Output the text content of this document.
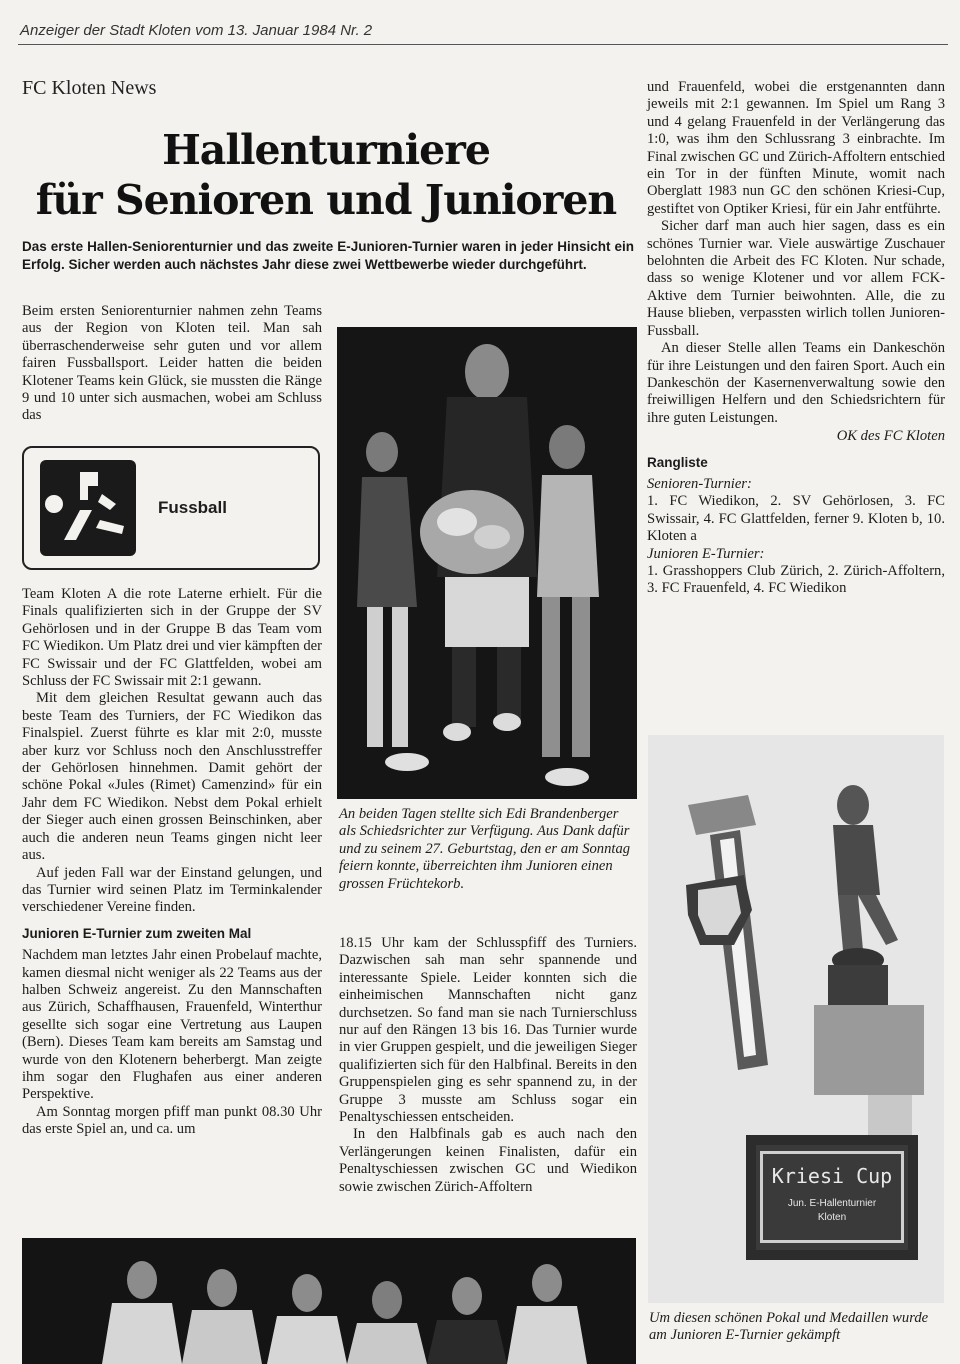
Anzeiger der Stadt Kloten vom 13. Januar 1984 Nr. 2
FC Kloten News
Hallenturniere
für Senioren und Junioren
Das erste Hallen-Seniorenturnier und das zweite E-Junioren-Turnier waren in jeder Hinsicht ein Erfolg. Sicher werden auch nächstes Jahr diese zwei Wettbewerbe wieder durchgeführt.

Beim ersten Seniorenturnier nahmen zehn Teams aus der Region von Kloten teil. Man sah überraschenderweise sehr guten und vor allem fairen Fussballsport. Leider hatten die beiden Klotener Teams kein Glück, sie mussten die Ränge 9 und 10 unter sich ausmachen, wobei am Schluss das

Fussball

Team Kloten A die rote Laterne erhielt. Für die Finals qualifizierten sich in der Gruppe der SV Gehörlosen und in der Gruppe B das Team vom FC Wiedikon. Um Platz drei und vier kämpften der FC Swissair und der FC Glattfelden, wobei am Schluss der FC Swissair mit 2:1 gewann.

Mit dem gleichen Resultat gewann auch das beste Team des Turniers, der FC Wiedikon das Finalspiel. Zuerst führte es klar mit 2:0, musste aber kurz vor Schluss noch den Anschlusstreffer der Gehörlosen hinnehmen. Damit gehört der schöne Pokal «Jules (Rimet) Camenzind» für ein Jahr dem FC Wiedikon. Nebst dem Pokal erhielt der Sieger auch einen grossen Beinschinken, aber auch die anderen neun Teams gingen nicht leer aus.

Auf jeden Fall war der Einstand gelungen, und das Turnier wird seinen Platz im Terminkalender verschiedener Vereine finden.

Junioren E-Turnier zum zweiten Mal

Nachdem man letztes Jahr einen Probelauf machte, kamen diesmal nicht weniger als 22 Teams aus der halben Schweiz angereist. Zu den Mannschaften aus Zürich, Schaffhausen, Frauenfeld, Winterthur gesellte sich sogar eine Vertretung aus Laupen (Bern). Dieses Team kam bereits am Samstag und wurde von den Klotenern beherbergt. Man zeigte ihm sogar den Flughafen aus einer anderen Perspektive.

Am Sonntag morgen pfiff man punkt 08.30 Uhr das erste Spiel an, und ca. um

An beiden Tagen stellte sich Edi Brandenberger als Schiedsrichter zur Verfügung. Aus Dank dafür und zu seinem 27. Geburtstag, den er am Sonntag feiern konnte, überreichten ihm Junioren einen grossen Früchtekorb.

18.15 Uhr kam der Schlusspfiff des Turniers. Dazwischen sah man sehr spannende und interessante Spiele. Leider konnten sich die einheimischen Mannschaften nicht ganz durchsetzen. So fand man sie nach Turnierschluss nur auf den Rängen 13 bis 16. Das Turnier wurde in vier Gruppen gespielt, und die jeweiligen Sieger qualifizierten sich für den Halbfinal. Bereits in den Gruppenspielen ging es sehr spannend zu, in der Gruppe 3 musste am Schluss sogar ein Penaltyschiessen entscheiden.

In den Halbfinals gab es auch nach den Verlängerungen keinen Finalisten, dafür ein Penaltyschiessen zwischen GC und Wiedikon sowie zwischen Zürich-Affoltern

und Frauenfeld, wobei die erstgenannten dann jeweils mit 2:1 gewannen. Im Spiel um Rang 3 und 4 gelang Frauenfeld in der Verlängerung das 1:0, was ihm den Schlussrang 3 einbrachte. Im Final zwischen GC und Zürich-Affoltern entschied ein Tor in der fünften Minute, womit nach Oberglatt 1983 nun GC den schönen Kriesi-Cup, gestiftet von Optiker Kriesi, für ein Jahr entführte.

Sicher darf man auch hier sagen, dass es ein schönes Turnier war. Viele auswärtige Zuschauer belohnten die Arbeit des FC Kloten. Nur schade, dass so wenige Klotener und vor allem FCK-Aktive dem Turnier beiwohnten. Alle, die zu Hause blieben, verpassten wirlich tollen Junioren-Fussball.

An dieser Stelle allen Teams ein Dankeschön für ihre Leistungen und den fairen Sport. Auch ein Dankeschön der Kasernenverwaltung sowie den freiwilligen Helfern und den Schiedsrichtern für ihre guten Leistungen.

OK des FC Kloten

Rangliste

Senioren-Turnier:

1. FC Wiedikon, 2. SV Gehörlosen, 3. FC Swissair, 4. FC Glattfelden, ferner 9. Kloten b, 10. Kloten a

Junioren E-Turnier:

1. Grasshoppers Club Zürich, 2. Zürich-Affoltern, 3. FC Frauenfeld, 4. FC Wiedikon

Kriesi Cup
Jun. E-Hallenturnier
Kloten
Um diesen schönen Pokal und Medaillen wurde am Junioren E-Turnier gekämpft
